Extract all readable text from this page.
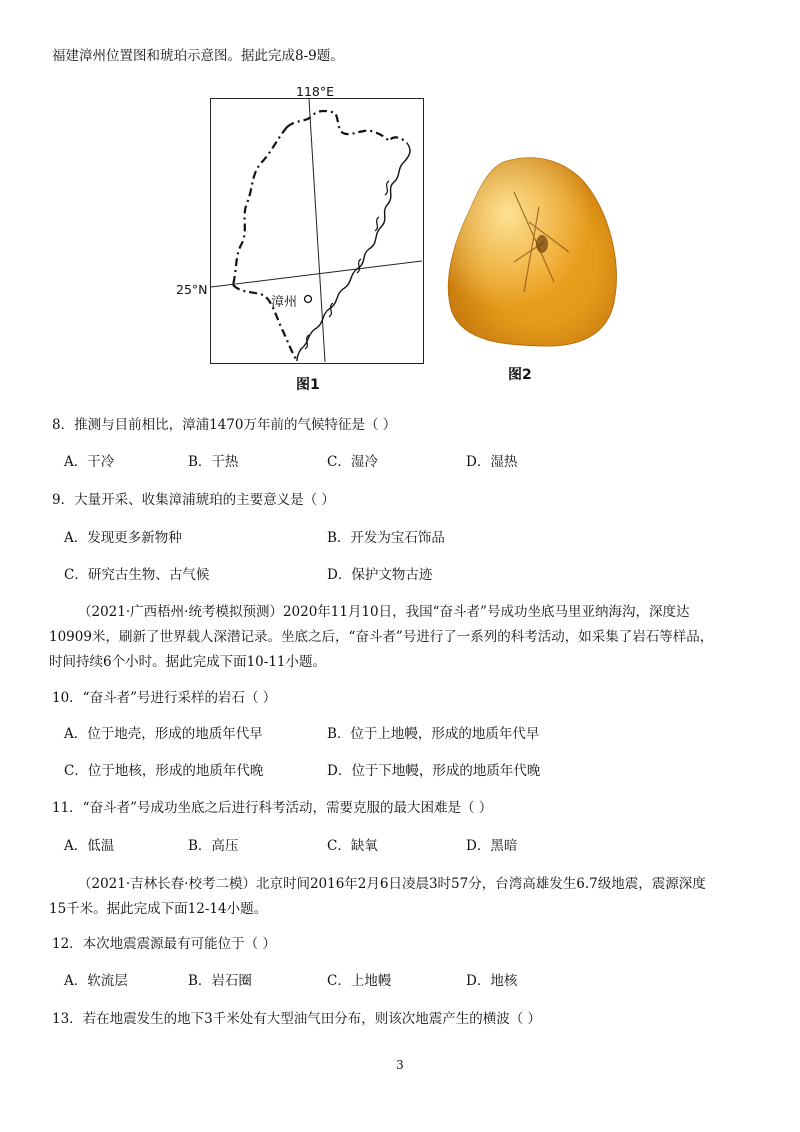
福建漳州位置图和琥珀示意图。据此完成8-9题。
118°E
漳州
25°N
图1
图2
8．推测与目前相比，漳浦1470万年前的气候特征是（ ）
A．干冷	B．干热	C．湿冷	D．湿热
9．大量开采、收集漳浦琥珀的主要意义是（ ）
A．发现更多新物种	B．开发为宝石饰品
C．研究古生物、古气候	D．保护文物古迹
（2021·广西梧州·统考模拟预测）2020年11月10日，我国“奋斗者”号成功坐底马里亚纳海沟，深度达
10909米，刷新了世界载人深潜记录。坐底之后，“奋斗者”号进行了一系列的科考活动，如采集了岩石等样品，
时间持续6个小时。据此完成下面10-11小题。
10．“奋斗者”号进行采样的岩石（ ）
A．位于地壳，形成的地质年代早	B．位于上地幔，形成的地质年代早
C．位于地核，形成的地质年代晚	D．位于下地幔，形成的地质年代晚
11．“奋斗者”号成功坐底之后进行科考活动，需要克服的最大困难是（ ）
A．低温	B．高压	C．缺氧	D．黑暗
（2021·吉林长春·校考二模）北京时间2016年2月6日凌晨3时57分，台湾高雄发生6.7级地震，震源深度
15千米。据此完成下面12-14小题。
12．本次地震震源最有可能位于（ ）
A．软流层	B．岩石圈	C．上地幔	D．地核
13．若在地震发生的地下3千米处有大型油气田分布，则该次地震产生的横波（ ）
3
